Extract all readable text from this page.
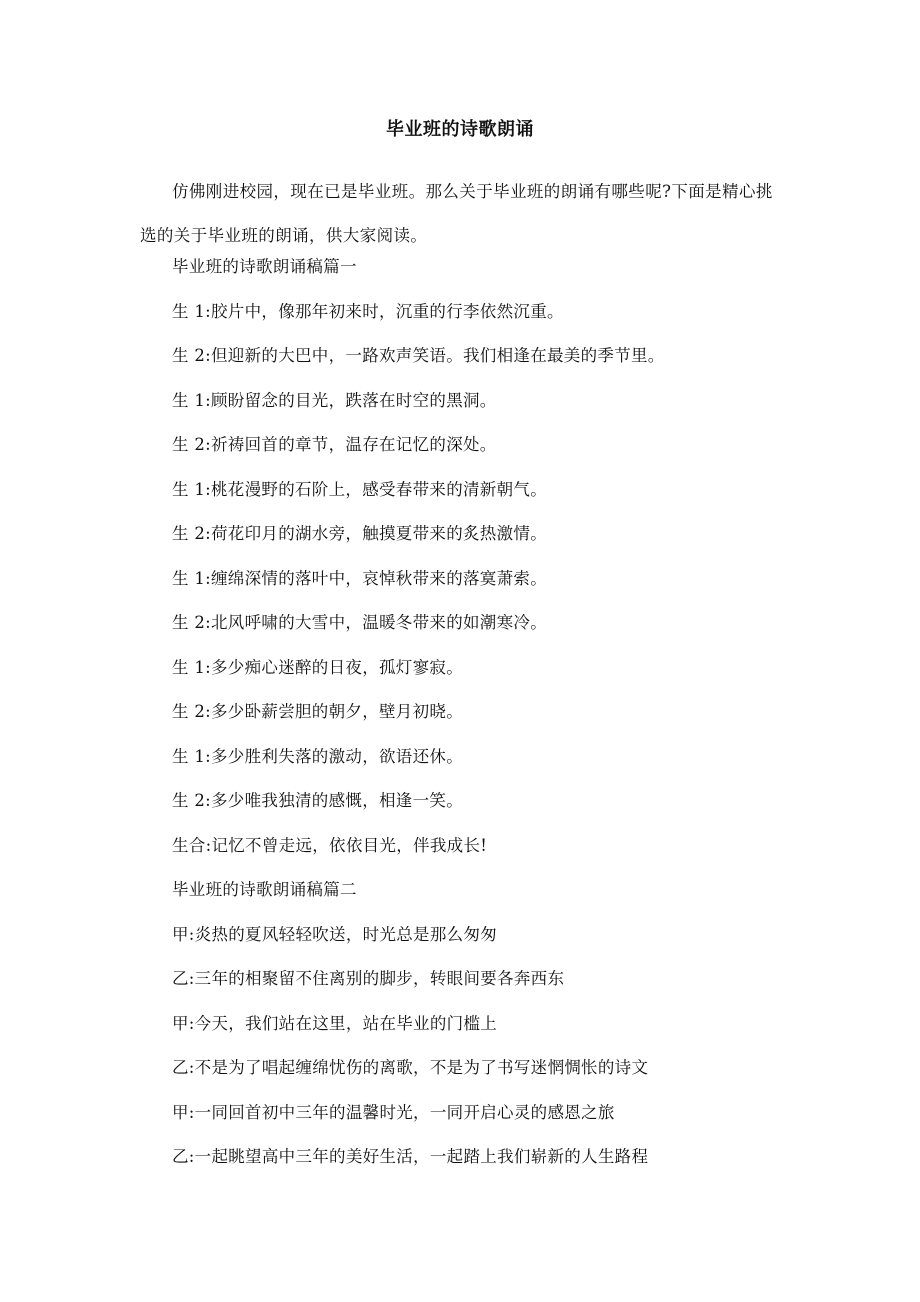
毕业班的诗歌朗诵
仿佛刚进校园，现在已是毕业班。那么关于毕业班的朗诵有哪些呢?下面是精心挑选的关于毕业班的朗诵，供大家阅读。
毕业班的诗歌朗诵稿篇一
生 1:胶片中，像那年初来时，沉重的行李依然沉重。
生 2:但迎新的大巴中，一路欢声笑语。我们相逢在最美的季节里。
生 1:顾盼留念的目光，跌落在时空的黑洞。
生 2:祈祷回首的章节，温存在记忆的深处。
生 1:桃花漫野的石阶上，感受春带来的清新朝气。
生 2:荷花印月的湖水旁，触摸夏带来的炙热激情。
生 1:缠绵深情的落叶中，哀悼秋带来的落寞萧索。
生 2:北风呼啸的大雪中，温暖冬带来的如潮寒冷。
生 1:多少痴心迷醉的日夜，孤灯寥寂。
生 2:多少卧薪尝胆的朝夕，壁月初晓。
生 1:多少胜利失落的激动，欲语还休。
生 2:多少唯我独清的感慨，相逢一笑。
生合:记忆不曾走远，依依目光，伴我成长!
毕业班的诗歌朗诵稿篇二
甲:炎热的夏风轻轻吹送，时光总是那么匆匆
乙:三年的相聚留不住离别的脚步，转眼间要各奔西东
甲:今天，我们站在这里，站在毕业的门槛上
乙:不是为了唱起缠绵忧伤的离歌，不是为了书写迷惘惆怅的诗文
甲:一同回首初中三年的温馨时光，一同开启心灵的感恩之旅
乙:一起眺望高中三年的美好生活，一起踏上我们崭新的人生路程
